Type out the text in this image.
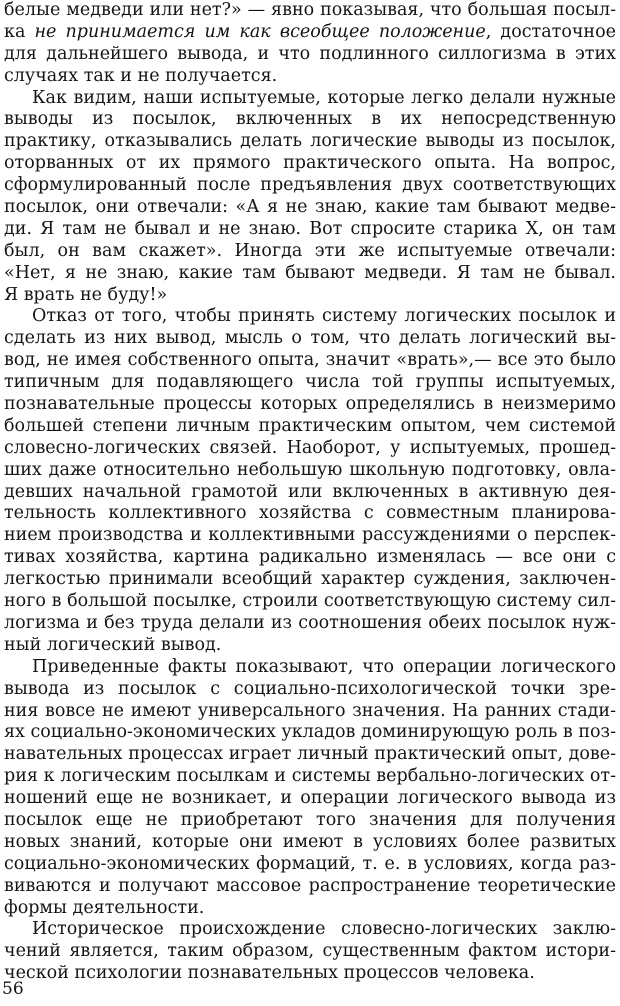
белые медведи или нет?» — явно показывая, что большая посыл-
ка не принимается им как всеобщее положение, достаточное
для дальнейшего вывода, и что подлинного силлогизма в этих
случаях так и не получается.
Как видим, наши испытуемые, которые легко делали нужные
выводы из посылок, включенных в их непосредственную
практику, отказывались делать логические выводы из посылок,
оторванных от их прямого практического опыта. На вопрос,
сформулированный после предъявления двух соответствующих
посылок, они отвечали: «А я не знаю, какие там бывают медве-
ди. Я там не бывал и не знаю. Вот спросите старика Х, он там
был, он вам скажет». Иногда эти же испытуемые отвечали:
«Нет, я не знаю, какие там бывают медведи. Я там не бывал.
Я врать не буду!»
Отказ от того, чтобы принять систему логических посылок и
сделать из них вывод, мысль о том, что делать логический вы-
вод, не имея собственного опыта, значит «врать»,— все это было
типичным для подавляющего числа той группы испытуемых,
познавательные процессы которых определялись в неизмеримо
большей степени личным практическим опытом, чем системой
словесно-логических связей. Наоборот, у испытуемых, прошед-
ших даже относительно небольшую школьную подготовку, овла-
девших начальной грамотой или включенных в активную дея-
тельность коллективного хозяйства с совместным планирова-
нием производства и коллективными рассуждениями о перспек-
тивах хозяйства, картина радикально изменялась — все они с
легкостью принимали всеобщий характер суждения, заключен-
ного в большой посылке, строили соответствующую систему сил-
логизма и без труда делали из соотношения обеих посылок нуж-
ный логический вывод.
Приведенные факты показывают, что операции логического
вывода из посылок с социально-психологической точки зре-
ния вовсе не имеют универсального значения. На ранних стади-
ях социально-экономических укладов доминирующую роль в поз-
навательных процессах играет личный практический опыт, дове-
рия к логическим посылкам и системы вербально-логических от-
ношений еще не возникает, и операции логического вывода из
посылок еще не приобретают того значения для получения
новых знаний, которые они имеют в условиях более развитых
социально-экономических формаций, т. е. в условиях, когда раз-
виваются и получают массовое распространение теоретические
формы деятельности.
Историческое происхождение словесно-логических заклю-
чений является, таким образом, существенным фактом истори-
ческой психологии познавательных процессов человека.
56
